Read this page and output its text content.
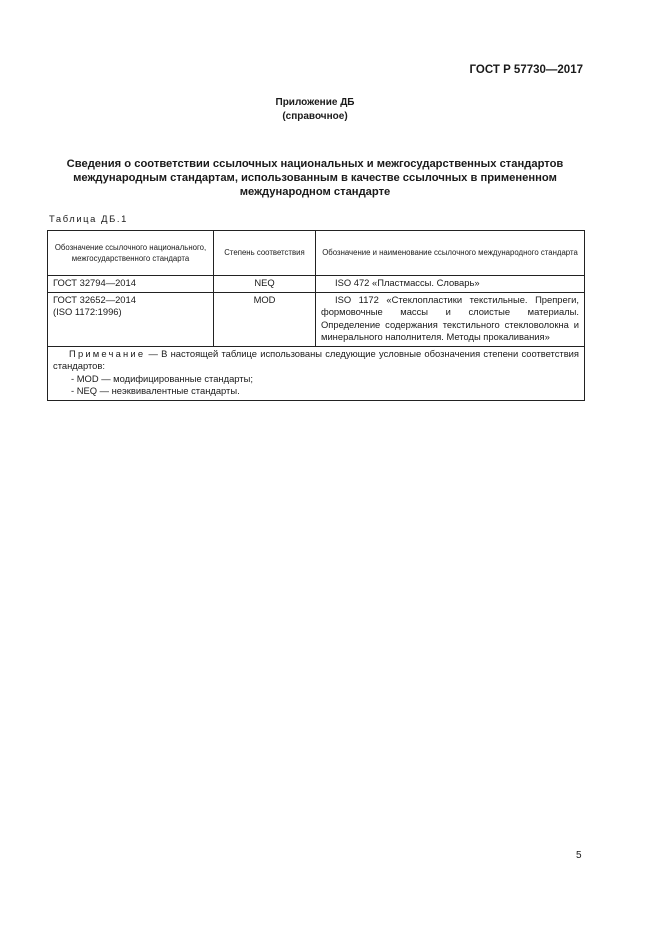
ГОСТ Р 57730—2017
Приложение ДБ
(справочное)
Сведения о соответствии ссылочных национальных и межгосударственных стандартов
международным стандартам, использованным в качестве ссылочных в примененном
международном стандарте
Таблица ДБ.1
Обозначение ссылочного национального, межгосударственного стандарта	Степень соответствия	Обозначение и наименование ссылочного международного стандарта
ГОСТ 32794—2014	NEQ	ISO 472 «Пластмассы. Словарь»

ГОСТ 32652—2014
(ISO 1172:1996)	MOD	ISO 1172 «Стеклопластики текстильные. Препреги, формовочные массы и слоистые материалы. Определение содержания текстильного стекловолокна и минерального наполнителя. Методы прокаливания»

Примечание — В настоящей таблице использованы следующие условные обозначения степени соответствия стандартов:
- MOD — модифицированные стандарты;
- NEQ — неэквивалентные стандарты.		
5
